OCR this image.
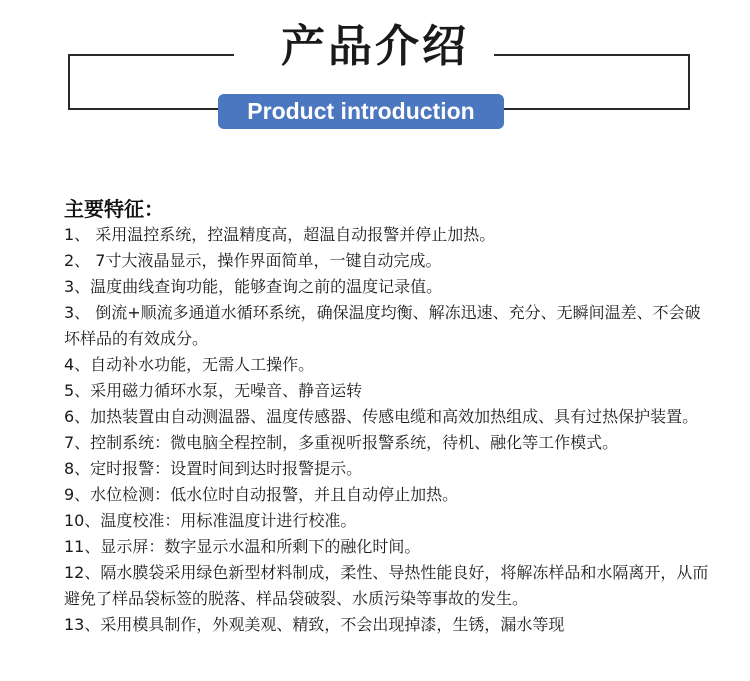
产品介绍
Product introduction
主要特征：
1、 采用温控系统，控温精度高，超温自动报警并停止加热。
2、 7寸大液晶显示，操作界面简单，一键自动完成。
3、温度曲线查询功能，能够查询之前的温度记录值。
3、 倒流+顺流多通道水循环系统，确保温度均衡、解冻迅速、充分、无瞬间温差、不会破坏样品的有效成分。
4、自动补水功能，无需人工操作。
5、采用磁力循环水泵，无噪音、静音运转
6、加热装置由自动测温器、温度传感器、传感电缆和高效加热组成、具有过热保护装置。
7、控制系统：微电脑全程控制，多重视听报警系统，待机、融化等工作模式。
8、定时报警：设置时间到达时报警提示。
9、水位检测：低水位时自动报警，并且自动停止加热。
10、温度校准：用标准温度计进行校准。
11、显示屏：数字显示水温和所剩下的融化时间。
12、隔水膜袋采用绿色新型材料制成，柔性、导热性能良好，将解冻样品和水隔离开，从而避免了样品袋标签的脱落、样品袋破裂、水质污染等事故的发生。
13、采用模具制作，外观美观、精致，不会出现掉漆，生锈，漏水等现
